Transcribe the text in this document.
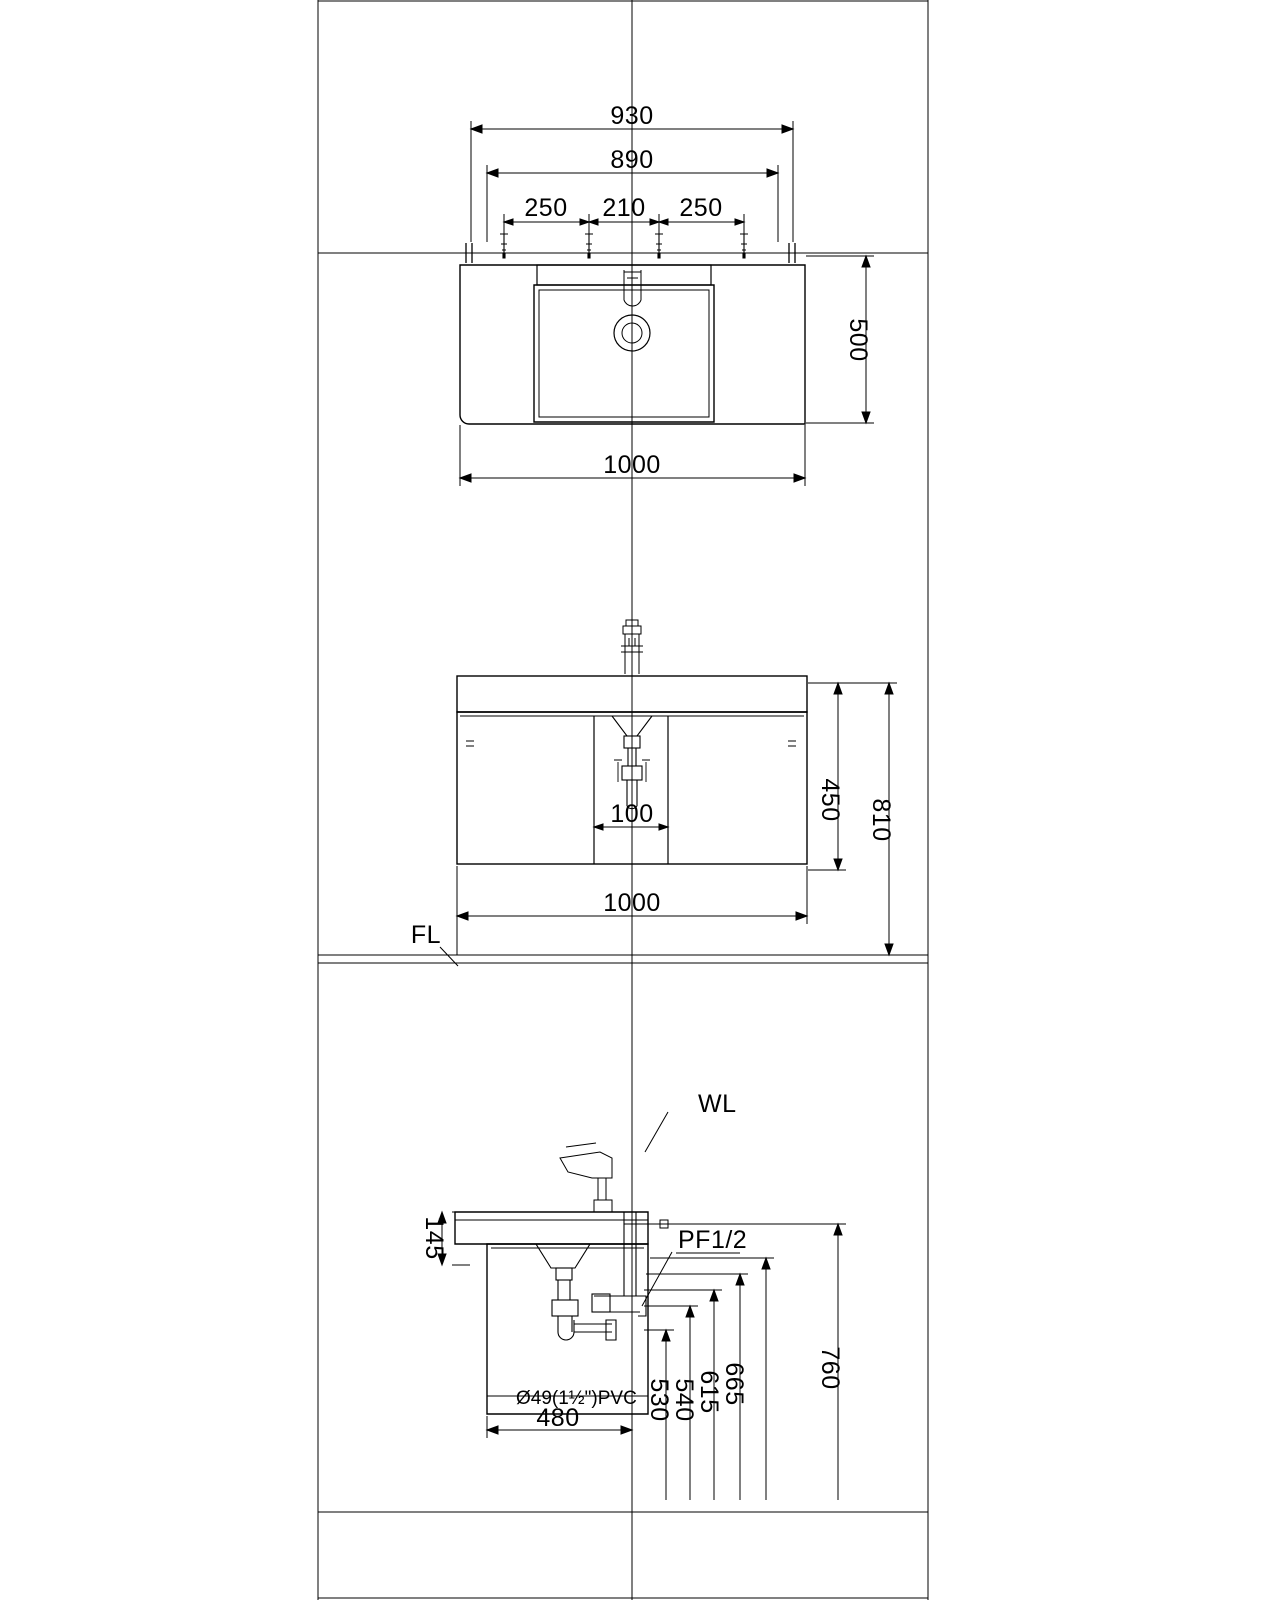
930
890
250 210 250
500
1000
100	450 810
1000
FL
WL
PF1/2
Ø49(1½")PVC
145
480	530
540
615
665	760
